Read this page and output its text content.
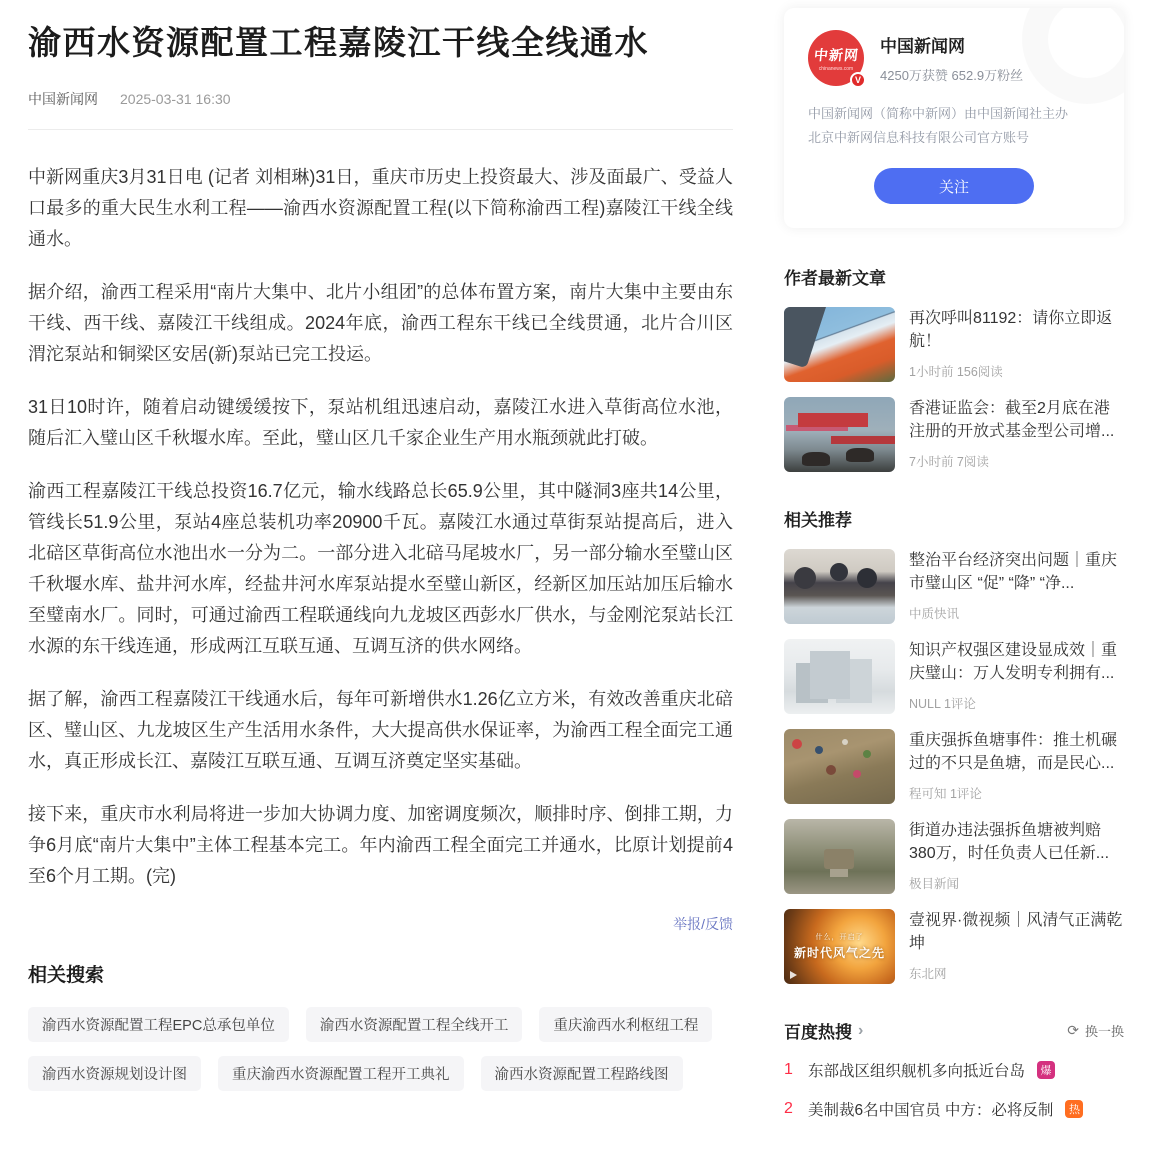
渝西水资源配置工程嘉陵江干线全线通水
中国新闻网 2025-03-31 16:30

中新网重庆3月31日电 (记者 刘相琳)31日，重庆市历史上投资最大、涉及面最广、受益人口最多的重大民生水利工程——渝西水资源配置工程(以下简称渝西工程)嘉陵江干线全线通水。

据介绍，渝西工程采用“南片大集中、北片小组团”的总体布置方案，南片大集中主要由东干线、西干线、嘉陵江干线组成。2024年底，渝西工程东干线已全线贯通，北片合川区渭沱泵站和铜梁区安居(新)泵站已完工投运。

31日10时许，随着启动键缓缓按下，泵站机组迅速启动，嘉陵江水进入草街高位水池，随后汇入璧山区千秋堰水库。至此，璧山区几千家企业生产用水瓶颈就此打破。

渝西工程嘉陵江干线总投资16.7亿元，输水线路总长65.9公里，其中隧洞3座共14公里，管线长51.9公里，泵站4座总装机功率20900千瓦。嘉陵江水通过草街泵站提高后，进入北碚区草街高位水池出水一分为二。一部分进入北碚马尾坡水厂，另一部分输水至璧山区千秋堰水库、盐井河水库，经盐井河水库泵站提水至璧山新区，经新区加压站加压后输水至璧南水厂。同时，可通过渝西工程联通线向九龙坡区西彭水厂供水，与金刚沱泵站长江水源的东干线连通，形成两江互联互通、互调互济的供水网络。

据了解，渝西工程嘉陵江干线通水后，每年可新增供水1.26亿立方米，有效改善重庆北碚区、璧山区、九龙坡区生产生活用水条件，大大提高供水保证率，为渝西工程全面完工通水，真正形成长江、嘉陵江互联互通、互调互济奠定坚实基础。

接下来，重庆市水利局将进一步加大协调力度、加密调度频次，顺排时序、倒排工期，力争6月底“南片大集中”主体工程基本完工。年内渝西工程全面完工并通水，比原计划提前4至6个月工期。(完)

举报/反馈
相关搜索
渝西水资源配置工程EPC总承包单位	渝西水资源配置工程全线开工	重庆渝西水利枢纽工程
渝西水资源规划设计图	重庆渝西水资源配置工程开工典礼	渝西水资源配置工程路线图
中新网
chinanews.com
V
中国新闻网
4250万获赞 652.9万粉丝
中国新闻网（简称中新网）由中国新闻社主办
北京中新网信息科技有限公司官方账号
关注
作者最新文章
再次呼叫81192：请你立即返航！
1小时前 156阅读
香港证监会：截至2月底在港注册的开放式基金型公司增...
7小时前 7阅读
相关推荐
整治平台经济突出问题｜重庆市璧山区 “促” “降” “净...
中质快讯
知识产权强区建设显成效｜重庆璧山：万人发明专利拥有...
NULL 1评论
重庆强拆鱼塘事件：推土机碾过的不只是鱼塘，而是民心...
程可知 1评论
街道办违法强拆鱼塘被判赔380万，时任负责人已任新...
极目新闻
什么，开启了
新时代风气之先
壹视界·微视频｜风清气正满乾坤
东北网
百度热搜 ›	⟳ 换一换
1 东部战区组织舰机多向抵近台岛	爆
2 美制裁6名中国官员 中方：必将反制	热
